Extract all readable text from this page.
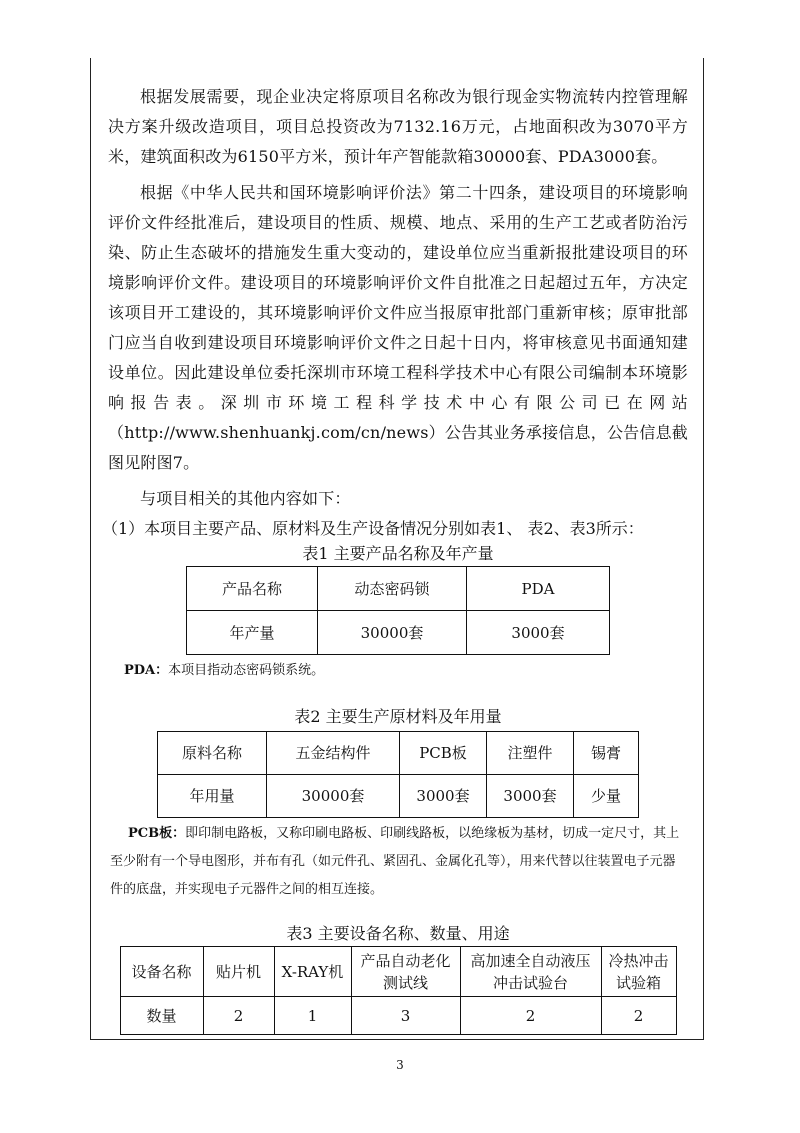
根据发展需要，现企业决定将原项目名称改为银行现金实物流转内控管理解决方案升级改造项目，项目总投资改为7132.16万元，占地面积改为3070平方米，建筑面积改为6150平方米，预计年产智能款箱30000套、PDA3000套。

根据《中华人民共和国环境影响评价法》第二十四条，建设项目的环境影响评价文件经批准后，建设项目的性质、规模、地点、采用的生产工艺或者防治污染、防止生态破坏的措施发生重大变动的，建设单位应当重新报批建设项目的环境影响评价文件。建设项目的环境影响评价文件自批准之日起超过五年，方决定该项目开工建设的，其环境影响评价文件应当报原审批部门重新审核；原审批部门应当自收到建设项目环境影响评价文件之日起十日内，将审核意见书面通知建设单位。因此建设单位委托深圳市环境工程科学技术中心有限公司编制本环境影响报告表。深圳市环境工程科学技术中心有限公司已在网站（http://www.shenhuankj.com/cn/news）公告其业务承接信息，公告信息截图见附图7。

与项目相关的其他内容如下：

（1）本项目主要产品、原材料及生产设备情况分别如表1、 表2、表3所示：

表1 主要产品名称及年产量

产品名称	动态密码锁	PDA
年产量	30000套	3000套

PDA：本项目指动态密码锁系统。

表2 主要生产原材料及年用量

原料名称	五金结构件	PCB板	注塑件	锡膏
年用量	30000套	3000套	3000套	少量

PCB板：即印制电路板，又称印刷电路板、印刷线路板，以绝缘板为基材，切成一定尺寸，其上至少附有一个导电图形，并布有孔（如元件孔、紧固孔、金属化孔等），用来代替以往装置电子元器件的底盘，并实现电子元器件之间的相互连接。

表3 主要设备名称、数量、用途

设备名称	贴片机	X-RAY机	产品自动老化测试线	高加速全自动液压冲击试验台	冷热冲击试验箱
数量	2	1	3	2	2
3
